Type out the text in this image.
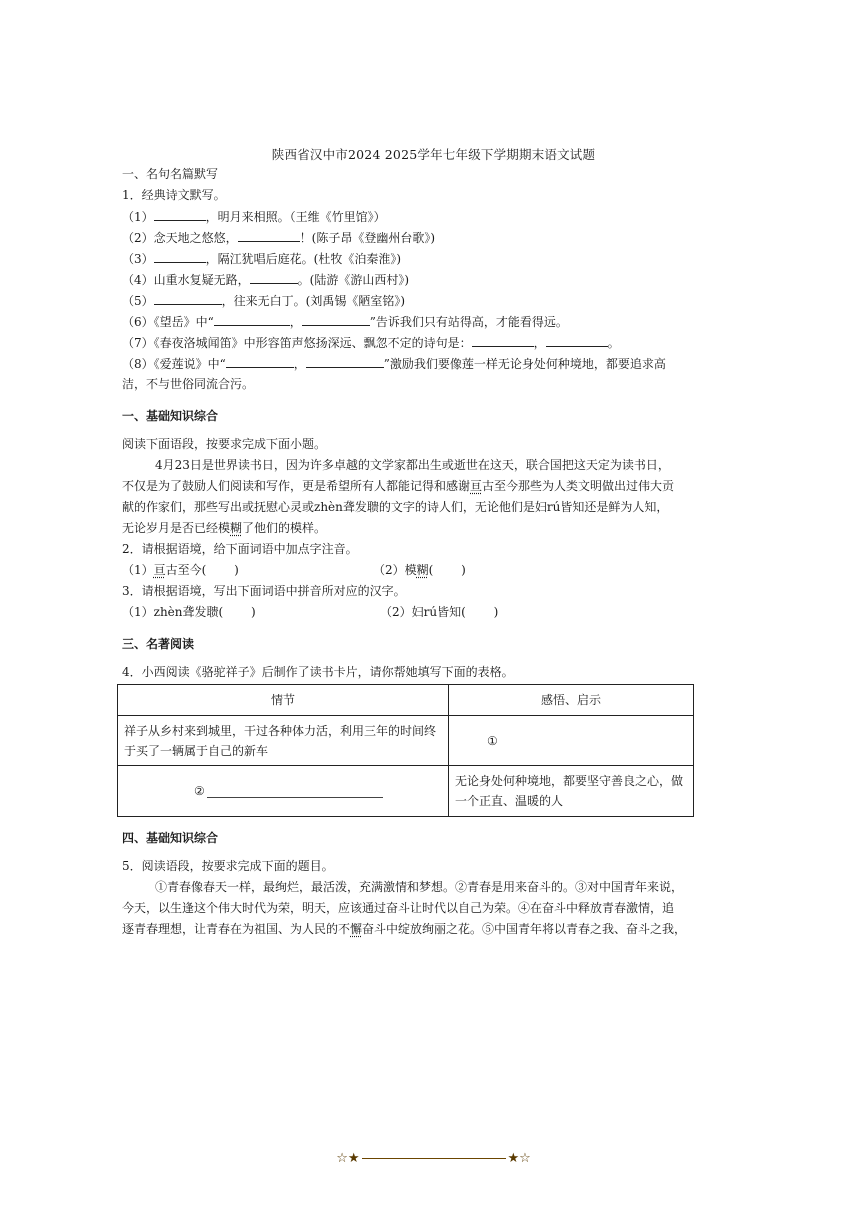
陕西省汉中市2024 2025学年七年级下学期期末语文试题
一、名句名篇默写
1．经典诗文默写。
（1）	，明月来相照。（王维《竹里馆》）
（2）念天地之悠悠，	！(陈子昂《登幽州台歌》)
（3）	，隔江犹唱后庭花。(杜牧《泊秦淮》)
（4）山重水复疑无路，	。(陆游《游山西村》)
（5）	，往来无白丁。(刘禹锡《陋室铭》)
（6）《望岳》中“	，	”告诉我们只有站得高，才能看得远。
（7）《春夜洛城闻笛》中形容笛声悠扬深远、飘忽不定的诗句是：	，	。
（8）《爱莲说》中“	，	”激励我们要像莲一样无论身处何种境地，都要追求高
洁，不与世俗同流合污。
一、基础知识综合
阅读下面语段，按要求完成下面小题。
4月23日是世界读书日，因为许多卓越的文学家都出生或逝世在这天，联合国把这天定为读书日，
不仅是为了鼓励人们阅读和写作，更是希望所有人都能记得和感谢亘古至今那些为人类文明做出过伟大贡
献的作家们，那些写出或抚慰心灵或zhèn聋发聩的文字的诗人们，无论他们是妇rú皆知还是鲜为人知，
无论岁月是否已经模糊了他们的模样。
2．请根据语境，给下面词语中加点字注音。
（1）亘古至今(　　 )	（2）模糊(　　 )
3．请根据语境，写出下面词语中拼音所对应的汉字。
（1）zhèn聋发聩(　　 )	（2）妇rú皆知(　　 )
三、名著阅读
4．小西阅读《骆驼祥子》后制作了读书卡片，请你帮她填写下面的表格。
情节	感悟、启示

祥子从乡村来到城里，干过各种体力活，利用三年的时间终
于买了一辆属于自己的新车	①
②	无论身处何种境地，都要坚守善良之心，做
一个正直、温暖的人
四、基础知识综合
5．阅读语段，按要求完成下面的题目。
①青春像春天一样，最绚烂，最活泼，充满激情和梦想。②青春是用来奋斗的。③对中国青年来说，
今天，以生逢这个伟大时代为荣，明天，应该通过奋斗让时代以自己为荣。④在奋斗中释放青春激情，追
逐青春理想，让青春在为祖国、为人民的不懈奋斗中绽放绚丽之花。⑤中国青年将以青春之我、奋斗之我，
☆★	★☆
